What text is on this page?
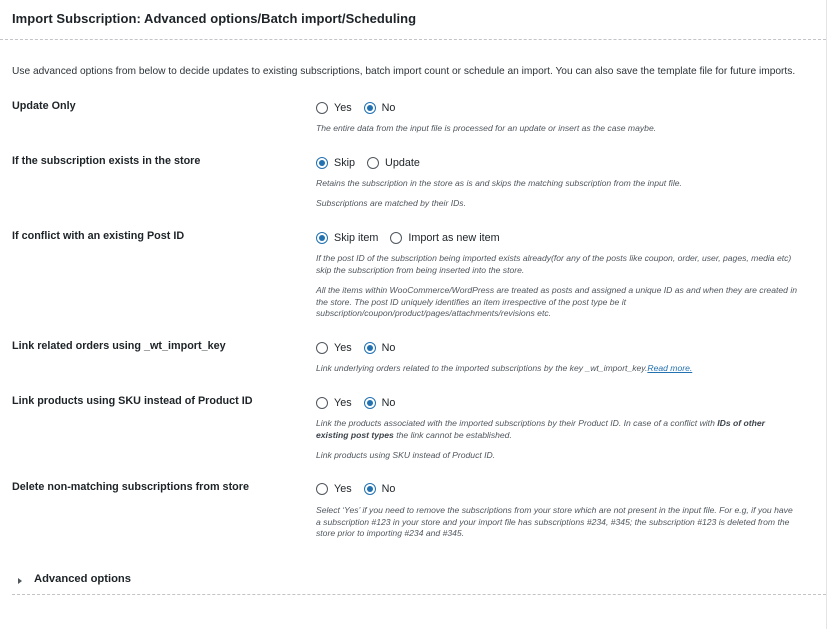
Import Subscription: Advanced options/Batch import/Scheduling

Use advanced options from below to decide updates to existing subscriptions, batch import count or schedule an import. You can also save the template file for future imports.

Update Only	Yes	No
The entire data from the input file is processed for an update or insert as the case maybe.
If the subscription exists in the store	Skip	Update
Retains the subscription in the store as is and skips the matching subscription from the input file.
Subscriptions are matched by their IDs.
If conflict with an existing Post ID	Skip item	Import as new item
If the post ID of the subscription being imported exists already(for any of the posts like coupon, order, user, pages, media etc) skip the subscription from being inserted into the store.
All the items within WooCommerce/WordPress are treated as posts and assigned a unique ID as and when they are created in the store. The post ID uniquely identifies an item irrespective of the post type be it subscription/coupon/product/pages/attachments/revisions etc.
Link related orders using _wt_import_key	Yes	No
Link underlying orders related to the imported subscriptions by the key _wt_import_key.Read more.
Link products using SKU instead of Product ID	Yes	No
Link the products associated with the imported subscriptions by their Product ID. In case of a conflict with IDs of other existing post types the link cannot be established.
Link products using SKU instead of Product ID.
Delete non-matching subscriptions from store	Yes	No
Select ‘Yes’ if you need to remove the subscriptions from your store which are not present in the input file. For e.g, if you have a subscription #123 in your store and your import file has subscriptions #234, #345; the subscription #123 is deleted from the store prior to importing #234 and #345.
Advanced options
